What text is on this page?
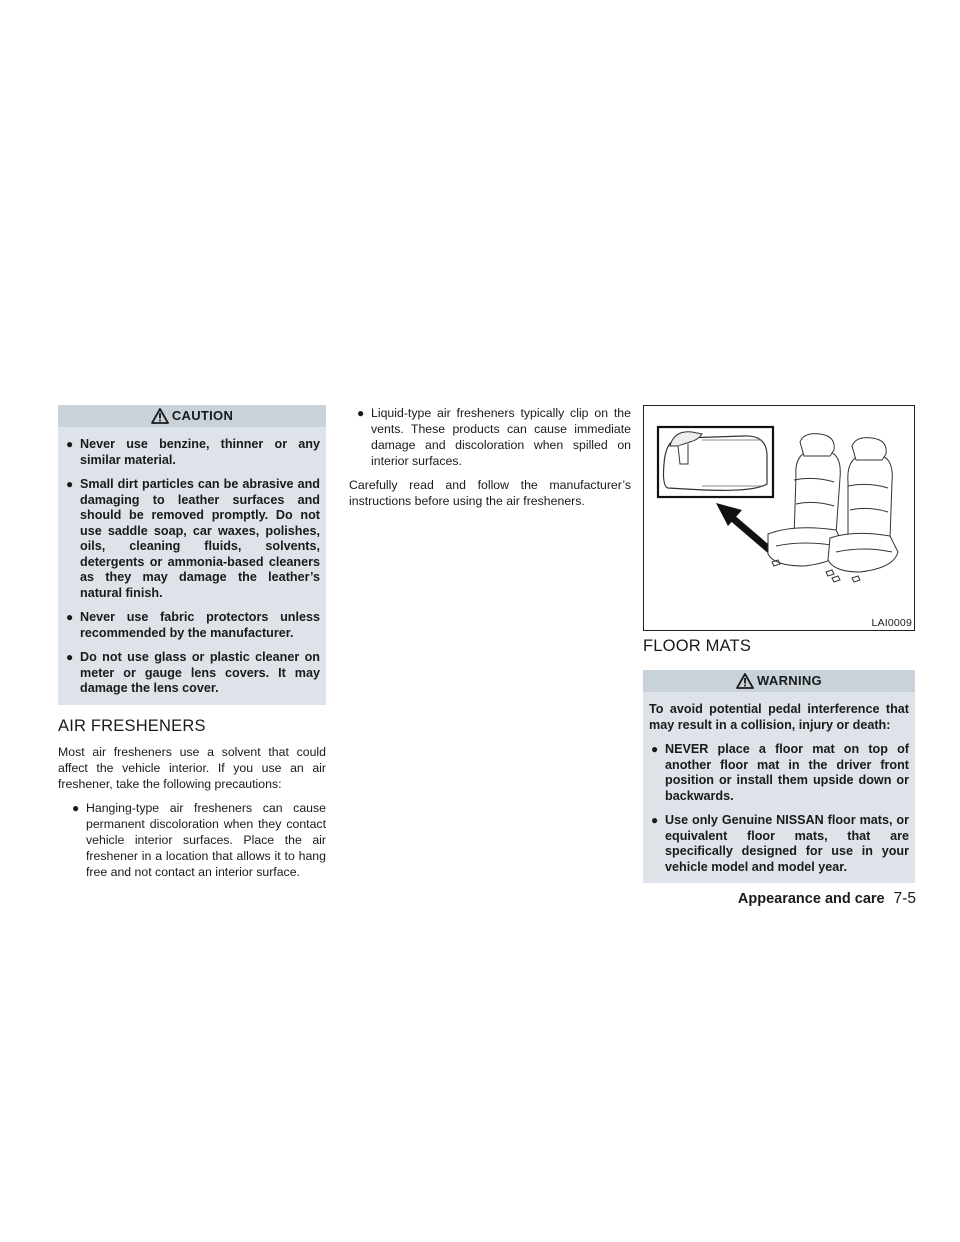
CAUTION
● Never use benzine, thinner or any similar material.
● Small dirt particles can be abrasive and damaging to leather surfaces and should be removed promptly. Do not use saddle soap, car waxes, polishes, oils, cleaning fluids, solvents, detergents or ammonia-based cleaners as they may damage the leather’s natural finish.
● Never use fabric protectors unless recommended by the manufacturer.
● Do not use glass or plastic cleaner on meter or gauge lens covers. It may damage the lens cover.
AIR FRESHENERS

Most air fresheners use a solvent that could affect the vehicle interior. If you use an air freshener, take the following precautions:

● Hanging-type air fresheners can cause permanent discoloration when they contact vehicle interior surfaces. Place the air freshener in a location that allows it to hang free and not contact an interior surface.
● Liquid-type air fresheners typically clip on the vents. These products can cause immediate damage and discoloration when spilled on interior surfaces.

Carefully read and follow the manufacturer’s instructions before using the air fresheners.

LAI0009
FLOOR MATS
WARNING

To avoid potential pedal interference that may result in a collision, injury or death:

● NEVER place a floor mat on top of another floor mat in the driver front position or install them upside down or backwards.
● Use only Genuine NISSAN floor mats, or equivalent floor mats, that are specifically designed for use in your vehicle model and model year.
Appearance and care 7-5
